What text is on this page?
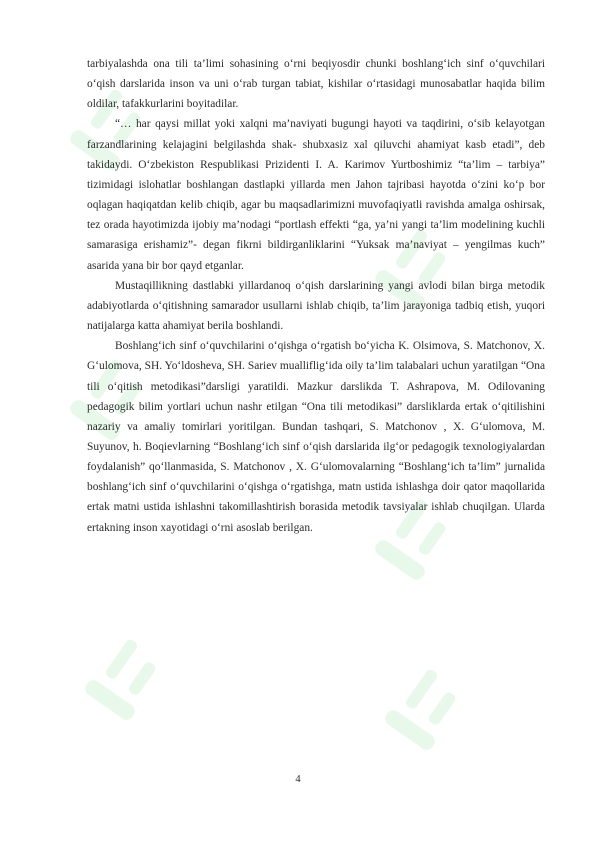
tarbiyalashda ona tili ta’limi sohasining o‘rni beqiyosdir chunki boshlang‘ich sinf o‘quvchilari o‘qish darslarida inson va uni o‘rab turgan tabiat, kishilar o‘rtasidagi munosabatlar haqida bilim oldilar, tafakkurlarini boyitadilar.

“… har qaysi millat yoki xalqni ma’naviyati bugungi hayoti va taqdirini, o‘sib kelayotgan farzandlarining kelajagini belgilashda shak- shubxasiz xal qiluvchi ahamiyat kasb etadi”, deb takidaydi. O‘zbekiston Respublikasi Prizidenti I. A. Karimov Yurtboshimiz “ta’lim – tarbiya” tizimidagi islohatlar boshlangan dastlapki yillarda men Jahon tajribasi hayotda o‘zini ko‘p bor oqlagan haqiqatdan kelib chiqib, agar bu maqsadlarimizni muvofaqiyatli ravishda amalga oshirsak, tez orada hayotimizda ijobiy ma’nodagi “portlash effekti “ga, ya’ni yangi ta’lim modelining kuchli samarasiga erishamiz”- degan fikrni bildirganliklarini “Yuksak ma’naviyat – yengilmas kuch” asarida yana bir bor qayd etganlar.

Mustaqillikning dastlabki yillardanoq o‘qish darslarining yangi avlodi bilan birga metodik adabiyotlarda o‘qitishning samarador usullarni ishlab chiqib, ta’lim jarayoniga tadbiq etish, yuqori natijalarga katta ahamiyat berila boshlandi.

Boshlang‘ich sinf o‘quvchilarini o‘qishga o‘rgatish bo‘yicha K. Olsimova, S. Matchonov, X. G‘ulomova, SH. Yo‘ldosheva, SH. Sariev mualliflig‘ida oily ta’lim talabalari uchun yaratilgan “Ona tili o‘qitish metodikasi”darsligi yaratildi. Mazkur darslikda T. Ashrapova, M. Odilovaning pedagogik bilim yortlari uchun nashr etilgan “Ona tili metodikasi” darsliklarda ertak o‘qitilishini nazariy va amaliy tomirlari yoritilgan. Bundan tashqari, S. Matchonov , X. G‘ulomova, M. Suyunov, h. Boqievlarning “Boshlang‘ich sinf o‘qish darslarida ilg‘or pedagogik texnologiyalardan foydalanish” qo‘llanmasida, S. Matchonov , X. G‘ulomovalarning “Boshlang‘ich ta’lim” jurnalida boshlang‘ich sinf o‘quvchilarini o‘qishga o‘rgatishga, matn ustida ishlashga doir qator maqollarida ertak matni ustida ishlashni takomillashtirish borasida metodik tavsiyalar ishlab chuqilgan. Ularda ertakning inson xayotidagi o‘rni asoslab berilgan.

4
